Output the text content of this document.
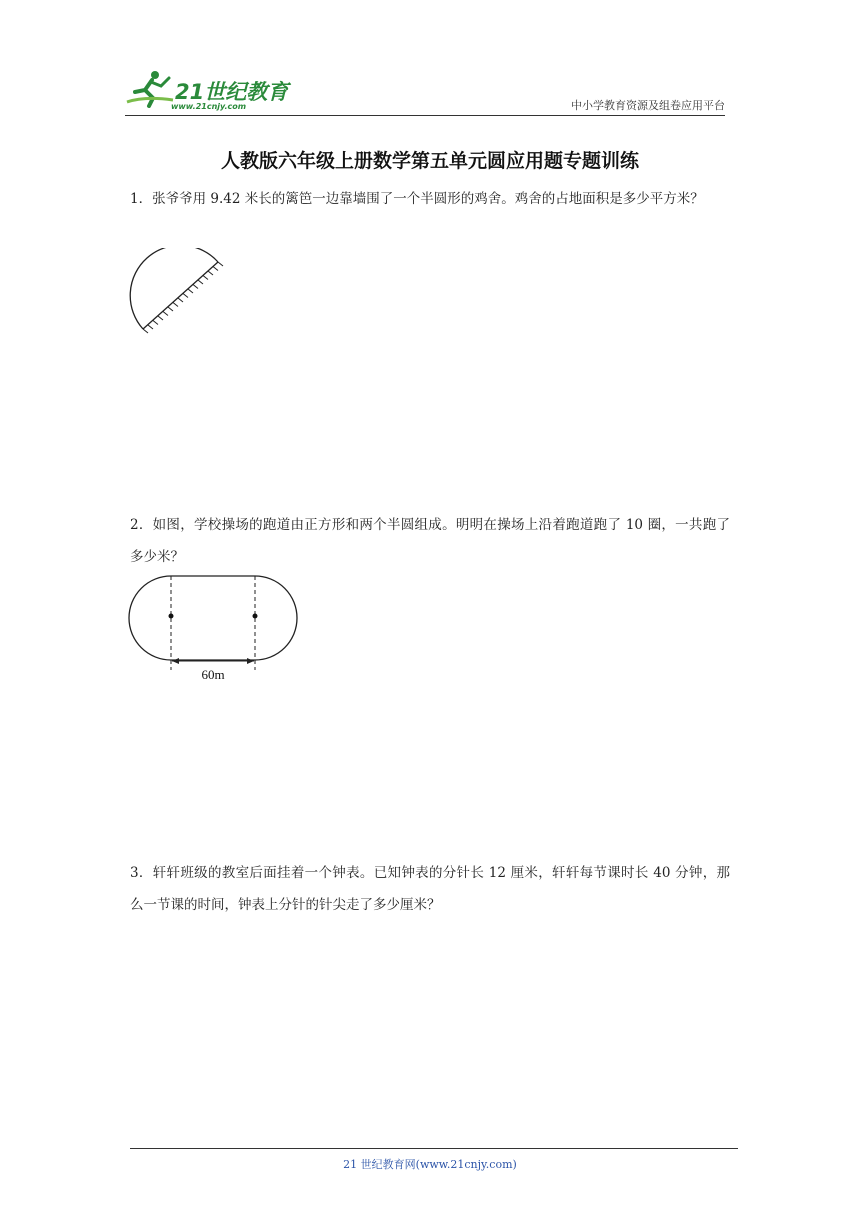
21世纪教育
www.21cnjy.com	中小学教育资源及组卷应用平台
人教版六年级上册数学第五单元圆应用题专题训练
1．张爷爷用 9.42 米长的篱笆一边靠墙围了一个半圆形的鸡舍。鸡舍的占地面积是多少平方米？
2．如图，学校操场的跑道由正方形和两个半圆组成。明明在操场上沿着跑道跑了 10 圈，一共跑了多少米？
60m
3．轩轩班级的教室后面挂着一个钟表。已知钟表的分针长 12 厘米，轩轩每节课时长 40 分钟，那么一节课的时间，钟表上分针的针尖走了多少厘米？
21 世纪教育网(www.21cnjy.com)
